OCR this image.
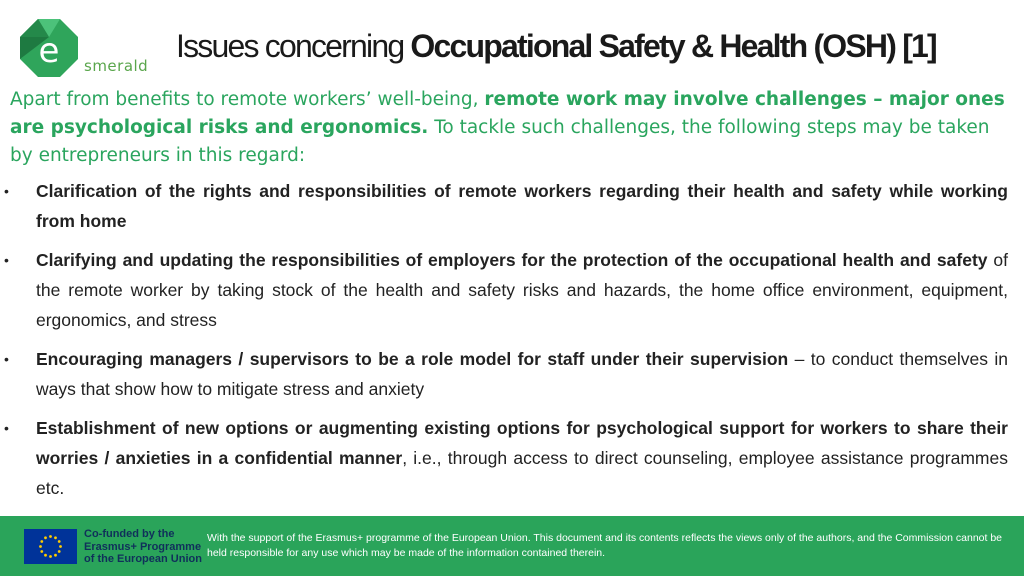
e smerald
Issues concerning Occupational Safety & Health (OSH) [1]
Apart from benefits to remote workers’ well-being, remote work may involve challenges – major ones are psychological risks and ergonomics. To tackle such challenges, the following steps may be taken by entrepreneurs in this regard:
• Clarification of the rights and responsibilities of remote workers regarding their health and safety while working from home
• Clarifying and updating the responsibilities of employers for the protection of the occupational health and safety of the remote worker by taking stock of the health and safety risks and hazards, the home office environment, equipment, ergonomics, and stress
• Encouraging managers / supervisors to be a role model for staff under their supervision – to conduct themselves in ways that show how to mitigate stress and anxiety
• Establishment of new options or augmenting existing options for psychological support for workers to share their worries / anxieties in a confidential manner, i.e., through access to direct counseling, employee assistance programmes etc.
Co-funded by the
Erasmus+ Programme
of the European Union
With the support of the Erasmus+ programme of the European Union. This document and its contents reflects the views only of the authors, and the Commission cannot be held responsible for any use which may be made of the information contained therein.
